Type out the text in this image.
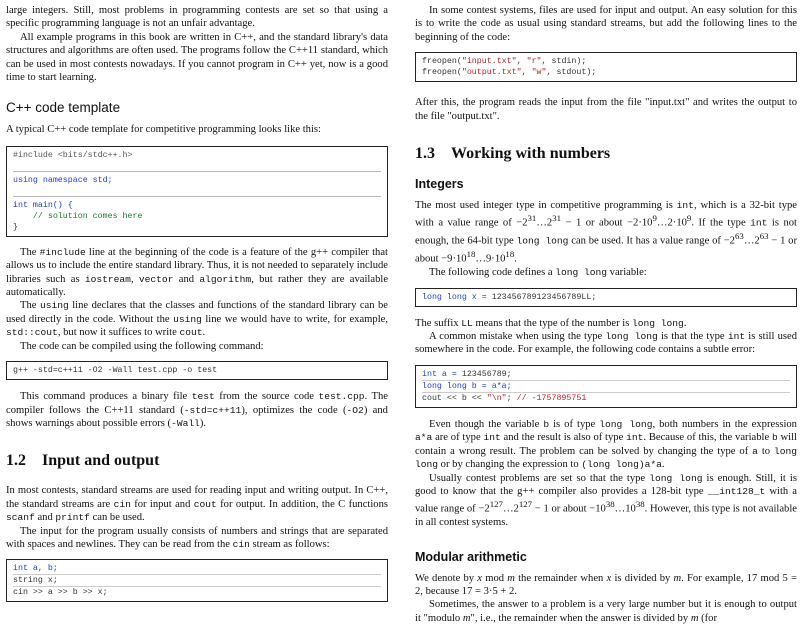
large integers. Still, most problems in programming contests are set so that using a specific programming language is not an unfair advantage.

All example programs in this book are written in C++, and the standard library's data structures and algorithms are often used. The programs follow the C++11 standard, which can be used in most contests nowadays. If you cannot program in C++ yet, now is a good time to start learning.

C++ code template

A typical C++ code template for competitive programming looks like this:

#include <bits/stdc++.h>
using namespace std;
int main() {
// solution comes here
}

The #include line at the beginning of the code is a feature of the g++ compiler that allows us to include the entire standard library. Thus, it is not needed to separately include libraries such as iostream, vector and algorithm, but rather they are available automatically.

The using line declares that the classes and functions of the standard library can be used directly in the code. Without the using line we would have to write, for example, std::cout, but now it suffices to write cout.

The code can be compiled using the following command:

g++ -std=c++11 -O2 -Wall test.cpp -o test

This command produces a binary file test from the source code test.cpp. The compiler follows the C++11 standard (-std=c++11), optimizes the code (-O2) and shows warnings about possible errors (-Wall).

1.2 Input and output

In most contests, standard streams are used for reading input and writing output. In C++, the standard streams are cin for input and cout for output. In addition, the C functions scanf and printf can be used.

The input for the program usually consists of numbers and strings that are separated with spaces and newlines. They can be read from the cin stream as follows:

int a, b;
string x;
cin >> a >> b >> x;

In some contest systems, files are used for input and output. An easy solution for this is to write the code as usual using standard streams, but add the following lines to the beginning of the code:

freopen("input.txt", "r", stdin);
freopen("output.txt", "w", stdout);

After this, the program reads the input from the file "input.txt" and writes the output to the file "output.txt".

1.3 Working with numbers
Integers

The most used integer type in competitive programming is int, which is a 32-bit type with a value range of $-2^{31}\dots 2^{31} - 1$ or about $-2\cdot 10^9\dots 2\cdot 10^9$. If the type int is not enough, the 64-bit type long long can be used. It has a value range of $-2^{63}\dots 2^{63} - 1$ or about $-9\cdot 10^{18}\dots 9\cdot 10^{18}$.

The following code defines a long long variable:

long long x = 123456789123456789LL;

The suffix LL means that the type of the number is long long.

A common mistake when using the type long long is that the type int is still used somewhere in the code. For example, the following code contains a subtle error:

int a = 123456789;
long long b = a*a;
cout << b << "\n"; // -1757895751

Even though the variable b is of type long long, both numbers in the expression a*a are of type int and the result is also of type int. Because of this, the variable b will contain a wrong result. The problem can be solved by changing the type of a to long long or by changing the expression to (long long)a*a.

Usually contest problems are set so that the type long long is enough. Still, it is good to know that the g++ compiler also provides a 128-bit type __int128_t with a value range of $-2^{127}\dots 2^{127} - 1$ or about $-10^{38}\dots 10^{38}$. However, this type is not available in all contest systems.

Modular arithmetic

We denote by x mod m the remainder when x is divided by m. For example, 17 mod 5 = 2, because 17 = 3·5 + 2.

Sometimes, the answer to a problem is a very large number but it is enough to output it "modulo m", i.e., the remainder when the answer is divided by m (for
